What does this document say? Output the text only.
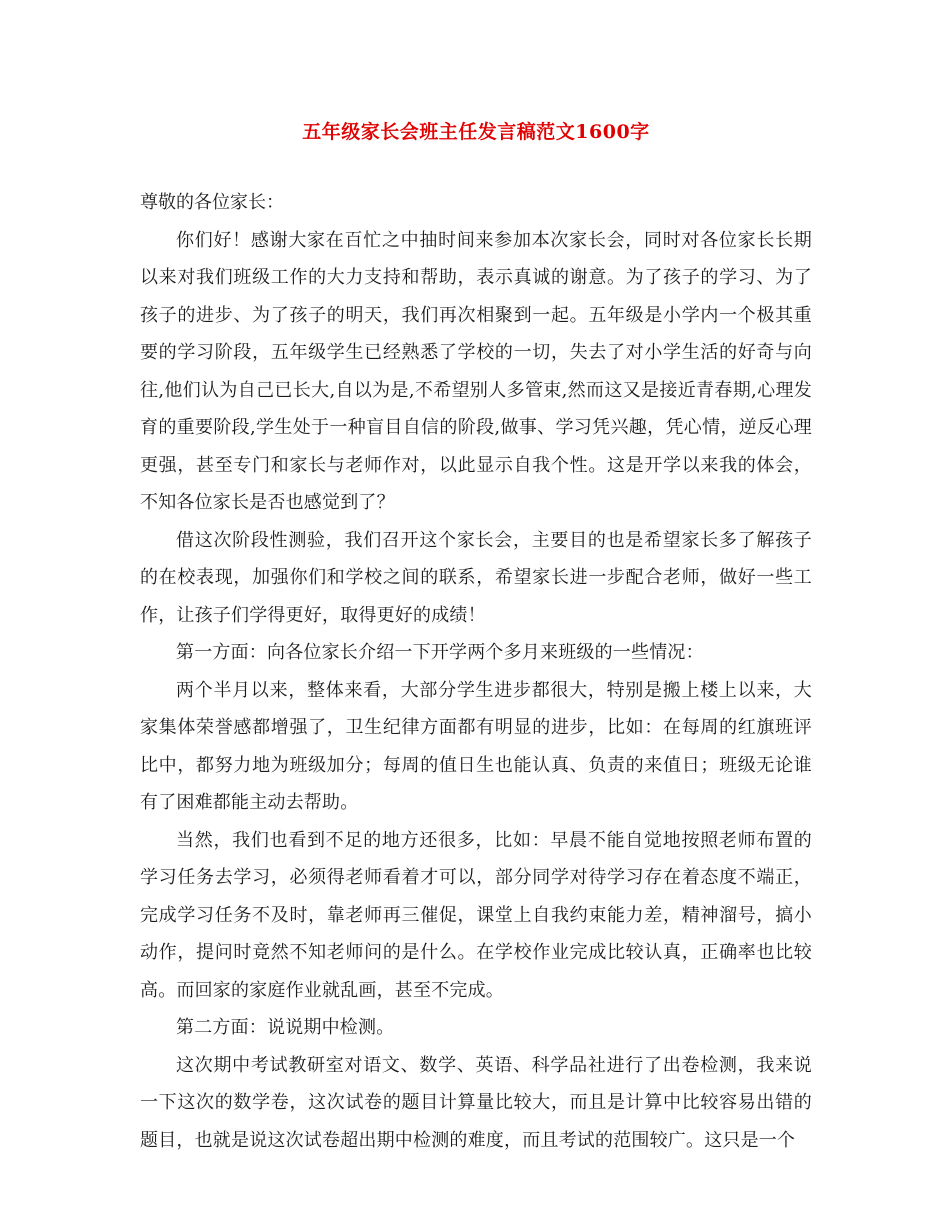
五年级家长会班主任发言稿范文1600字

尊敬的各位家长：

你们好！感谢大家在百忙之中抽时间来参加本次家长会，同时对各位家长长期以来对我们班级工作的大力支持和帮助，表示真诚的谢意。为了孩子的学习、为了孩子的进步、为了孩子的明天，我们再次相聚到一起。五年级是小学内一个极其重要的学习阶段，五年级学生已经熟悉了学校的一切，失去了对小学生活的好奇与向往,他们认为自己已长大,自以为是,不希望别人多管束,然而这又是接近青春期,心理发育的重要阶段,学生处于一种盲目自信的阶段,做事、学习凭兴趣，凭心情，逆反心理更强，甚至专门和家长与老师作对，以此显示自我个性。这是开学以来我的体会，不知各位家长是否也感觉到了？

借这次阶段性测验，我们召开这个家长会，主要目的也是希望家长多了解孩子的在校表现，加强你们和学校之间的联系，希望家长进一步配合老师，做好一些工作，让孩子们学得更好，取得更好的成绩！

第一方面：向各位家长介绍一下开学两个多月来班级的一些情况：

两个半月以来，整体来看，大部分学生进步都很大，特别是搬上楼上以来，大家集体荣誉感都增强了，卫生纪律方面都有明显的进步，比如：在每周的红旗班评比中，都努力地为班级加分；每周的值日生也能认真、负责的来值日；班级无论谁有了困难都能主动去帮助。

当然，我们也看到不足的地方还很多，比如：早晨不能自觉地按照老师布置的学习任务去学习，必须得老师看着才可以，部分同学对待学习存在着态度不端正，完成学习任务不及时，靠老师再三催促，课堂上自我约束能力差，精神溜号，搞小动作，提问时竟然不知老师问的是什么。在学校作业完成比较认真，正确率也比较高。而回家的家庭作业就乱画，甚至不完成。

第二方面：说说期中检测。

这次期中考试教研室对语文、数学、英语、科学品社进行了出卷检测，我来说一下这次的数学卷，这次试卷的题目计算量比较大，而且是计算中比较容易出错的题目，也就是说这次试卷超出期中检测的难度，而且考试的范围较广。这只是一个
